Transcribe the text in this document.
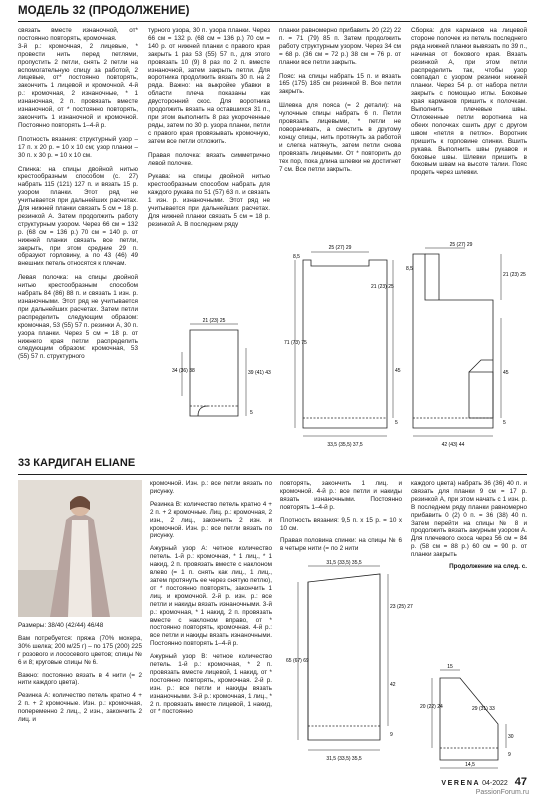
МОДЕЛЬ 32 (ПРОДОЛЖЕНИЕ)

связать вместе изнаночной, от* постоянно повторять, кромочная.

3-й р.: кромочная, 2 лицевые, * провести нить перед петлями, пропустить 2 петли, снять 2 петли на вспомогательную спицу за работой, 2 лицевые, от* постоянно повторять, закончить 1 лицевой и кромочной. 4-й р.: кромочная, 2 изнаночные, * 1 изнаночная, 2 п. провязать вместе изнаночной, от * постоянно повторять, закончить 1 изнаночной и кромочной. Постоянно повторять 1–4-й р.

Плотность вязания: структурный узор – 17 п. x 20 р. = 10 x 10 см; узор планки – 30 п. x 30 р. = 10 x 10 см.

Спинка: на спицы двойной нитью крестообразным способом (с. 27) набрать 115 (121) 127 п. и вязать 15 р. узором планки. Этот ряд не учитывается при дальнейших расчетах. Для нижней планки связать 5 см = 18 р. резинкой А. Затем продолжить работу структурным узором. Через 66 см = 132 р. (68 см = 136 р.) 70 см = 140 р. от нижней планки связать все петли, закрыть, при этом средние 29 п. образуют горловину, а по 43 (46) 49 внешних петель относятся к плечам.

Левая полочка: на спицы двойной нитью крестообразным способом набрать 84 (86) 88 п. и связать 1 изн. р. изнаночными. Этот ряд не учитывается при дальнейших расчетах. Затем петли распределить следующим образом: кромочная, 53 (55) 57 п. резинки А, 30 п. узора планки. Через 5 см = 18 р. от нижнего края петли распределить следующим образом: кромочная, 53 (55) 57 п. структурного

турного узора, 30 п. узора планки. Через 66 см = 132 р. (68 см = 136 р.) 70 см = 140 р. от нижней планки с правого края закрыть 1 раз 53 (55) 57 п., для этого провязать 10 (9) 8 раз по 2 п. вместе изнаночной, затем закрыть петли. Для воротника продолжить вязать 30 п. на 2 ряда. Важно: на выкройке убавки в области плеча показаны как двусторонний скос. Для воротника продолжить вязать на оставшихся 31 п., при этом выполнить 8 раз укороченные ряды, затем по 30 р. узора планки, петли с правого края провязывать кромочную, затем все петли отложить.

Правая полочка: вязать симметрично левой полочке.

Рукава: на спицы двойной нитью крестообразным способом набрать для каждого рукава по 51 (57) 63 п. и связать 1 изн. р. изнаночными. Этот ряд не учитывается при дальнейших расчетах. Для нижней планки связать 5 см = 18 р. резинкой А. В последнем ряду

планки равномерно прибавить 20 (22) 22 п. = 71 (79) 85 п. Затем продолжить работу структурным узором. Через 34 см = 68 р. (36 см = 72 р.) 38 см = 76 р. от планки все петли закрыть.

Пояс: на спицы набрать 15 п. и вязать 165 (175) 185 см резинкой В. Все петли закрыть.

Шлевка для пояса (= 2 детали): на чулочные спицы набрать 6 п. Петли провязать лицевыми, * петли не поворачивать, а сместить в другому концу спицы, нить протянуть за работой и слегка натянуть, затем петли снова провязать лицевыми. От * повторить до тех пор, пока длина шлевки не достигнет 7 см. Все петли закрыть.

Сборка: для карманов на лицевой стороне полочек из петель последнего ряда нижней планки вывязать по 39 п., начиная от бокового края. Вязать резинкой А, при этом петли распределить так, чтобы узор совпадал с узором резинки нижней планки. Через 54 р. от набора петли закрыть с помощью иглы. Боковые края карманов пришить к полочкам. Выполнить плечевые швы. Отложенные петли воротника на обеих полочках сшить друг с другом швом «петля в петлю». Воротник пришить к горловине спинки. Вшить рукава. Выполнить швы рукавов и боковые швы. Шлевки пришить в боковым швам на высоте талии. Пояс продеть через шлевки.

21 (23) 25
34 (36) 38	39 (41) 43
5
25 (27) 29
8,5
21 (23) 25
71 (73) 75
45
5
33,5 (35,5) 37,5
25 (27) 29
8,5
21 (23) 25
45
5
42 (43) 44
33 КАРДИГАН ELIANE

Размеры: 38/40 (42/44) 46/48

Вам потребуется: пряжа (70% мохера, 30% шелка; 200 м/25 г) – по 175 (200) 225 г розового и лососевого цветов; спицы № 6 и 8; круговые спицы № 6.

Важно: постоянно вязать в 4 нити (= 2 нити каждого цвета).

Резинка А: количество петель кратно 4 + 2 п. + 2 кромочные. Изн. р.: кромочная, попеременно 2 лиц., 2 изн., закончить 2 лиц. и

кромочной. Изн. р.: все петли вязать по рисунку.

Резинка В: количество петель кратно 4 + 2 п. + 2 кромочные. Лиц. р.: кромочная, 2 изн., 2 лиц., закончить 2 изн. и кромочной. Изн. р.: все петли вязать по рисунку.

Ажурный узор А: четное количество петель. 1-й р.: кромочная, * 1 лиц., * 1 накид, 2 п. провязать вместе с наклоном влево (= 1 п. снять как лиц., 1 лиц., затем протянуть ее через снятую петлю), от * постоянно повторять, закончить 1 лиц. и кромочной. 2-й р. изн. р.: все петли и накиды вязать изнаночными. 3-й р.: кромочная, * 1 накид, 2 п. провязать вместе с наклоном вправо, от * постоянно повторять, кромочная. 4-й р.: все петли и накиды вязать изнаночными. Постоянно повторять 1–4-й р.

Ажурный узор В: четное количество петель. 1-й р.: кромочная, * 2 п. провязать вместе лицевой, 1 накид, от * постоянно повторять, кромочная. 2-й р. изн. р.: все петли и накиды вязать изнаночными. 3-й р.: кромочная, 1 лиц., * 2 п. провязать вместе лицевой, 1 накид, от * постоянно

повторять, закончить 1 лиц. и кромочной. 4-й р.: все петли и накиды вязать изнаночными. Постоянно повторять 1–4-й р.

Плотность вязания: 9,5 п. x 15 р. = 10 x 10 см.

Правая половина спинки: на спицы № 6 в четыре нити (= по 2 нити

каждого цвета) набрать 36 (36) 40 п. и связать для планки 9 см = 17 р. резинкой А, при этом начать с 1 изн. р. В последнем ряду планки равномерно прибавить 0 (2) 0 п. = 36 (38) 40 п. Затем перейти на спицы № 8 и продолжить вязать ажурным узором А. Для плечевого скоса через 56 см = 84 р. (58 см = 88 р.) 60 см = 90 р. от планки закрыть

Продолжение на след. с.

31,5 (33,5) 35,5
65 (67) 69
23 (25) 27
42
9
31,5 (33,5) 35,5
15
20 (22) 24	29 (31) 33
30
9
14,5
VERENA 04-2022 47
PassionForum.ru
